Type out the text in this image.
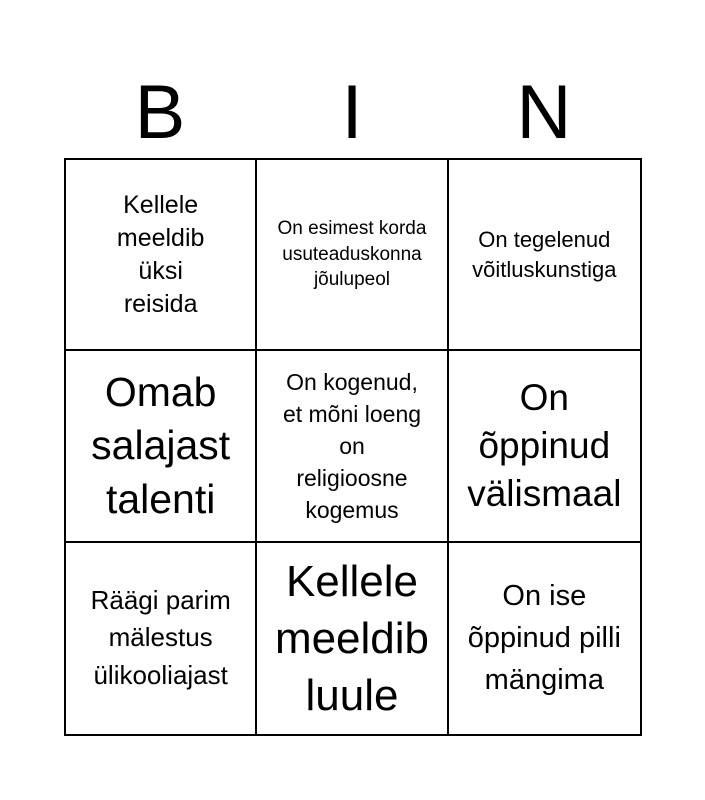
B	I	N
Kellele meeldib üksi reisida
On esimest korda usuteaduskonna jõulupeol
On tegelenud võitluskunstiga
Omab salajast talenti
On kogenud, et mõni loeng on religioosne kogemus
On õppinud välismaal
Räägi parim mälestus ülikooliajast
Kellele meeldib luule
On ise õppinud pilli mängima
